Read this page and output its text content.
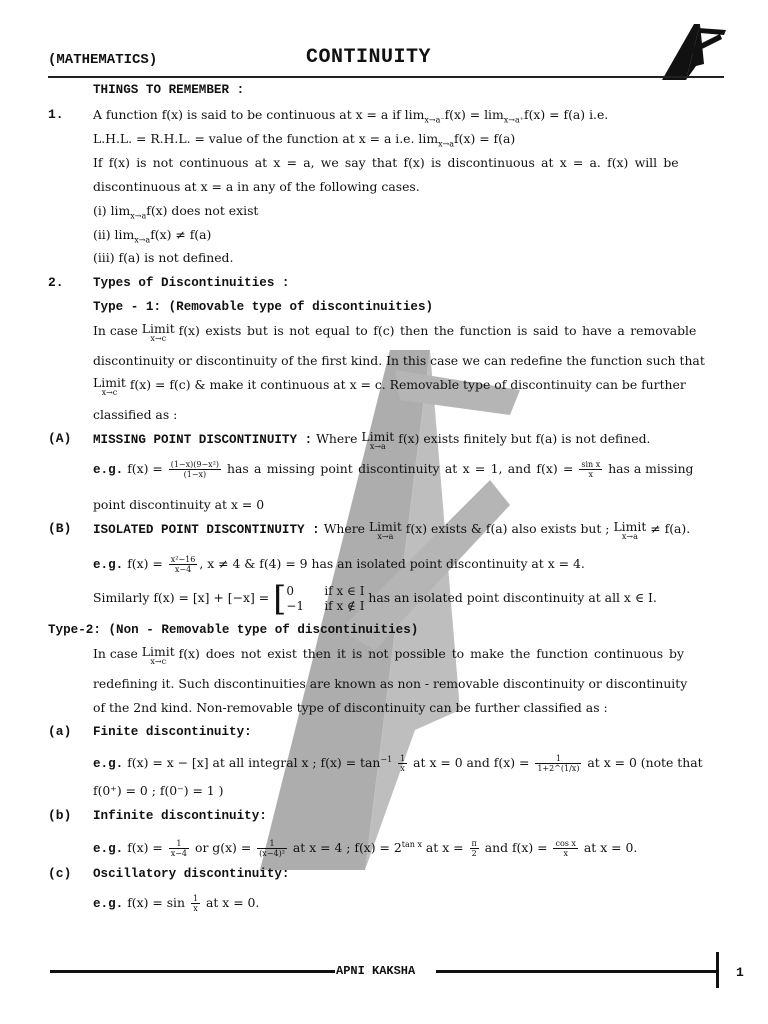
(MATHEMATICS)	CONTINUITY
THINGS TO REMEMBER :
1. A function f(x) is said to be continuous at x = a if $\lim_{x\to a^-}f(x) = \lim_{x\to a^+}f(x) = f(a)$ i.e.
L.H.L. = R.H.L. = value of the function at x = a i.e. $\lim_{x\to a}f(x) = f(a)$
If f(x) is not continuous at x = a, we say that f(x) is discontinuous at x = a. f(x) will be
discontinuous at x = a in any of the following cases.
(i) $\lim_{x\to a}f(x)$ does not exist
(ii) $\lim_{x\to a}f(x) \ne f(a)$
(iii) f(a) is not defined.
2. Types of Discontinuities :
Type - 1: (Removable type of discontinuities)
In case Limit
x→c
f(x) exists but is not equal to f(c) then the function is said to have a removable
discontinuity or discontinuity of the first kind. In this case we can redefine the function such that
Limit
x→c
f(x) = f(c) & make it continuous at x = c. Removable type of discontinuity can be further
classified as :
(A) MISSING POINT DISCONTINUITY : Where Limit
x→a
f(x) exists finitely but f(a) is not defined.
e.g. $f(x) = \frac{\text{(1−x)(9−x²)}}{(1-x)}$ has a missing point discontinuity at x = 1, and $f(x) = \frac{\text{sin x}}{x}$ has a missing
point discontinuity at x = 0
(B) ISOLATED POINT DISCONTINUITY : Where Limit
x→a
f(x) exists & f(a) also exists but ; Limit
x→a
≠ f(a).
e.g. $f(x) = \frac{\text{x²−16}}{x-4}$ , x ≠ 4 & f(4) = 9 has an isolated point discontinuity at x = 4.
Similarly f(x) = [x] + [−x] = [ 0	if x ∈ I
−1 if x ∉ I
has an isolated point discontinuity at all x ∈ I.
Type-2: (Non - Removable type of discontinuities)
In case Limit
x→c
f(x) does not exist then it is not possible to make the function continuous by
redefining it. Such discontinuities are known as non - removable discontinuity or discontinuity
of the 2nd kind. Non-removable type of discontinuity can be further classified as :
(a) Finite discontinuity:
e.g. f(x) = x − [x] at all integral x ; $f(x) = \tan^{-1} \frac{1}{x}$ at x = 0 and $f(x) = \frac{1}{1+2\^{}(1/x)}$ at x = 0 (note that
f(0⁺) = 0 ; f(0⁻) = 1 )
(b) Infinite discontinuity:
e.g. $f(x) = \frac{1}{x-4}$ or $g(x) = \frac{1}{\text{(x−4)²}}$ at x = 4 ; $f(x) = 2^{tan x}$ at $x = \frac{\pi}{2}$ and $f(x) = \frac{\text{cos x}}{x}$ at x = 0.
(c) Oscillatory discontinuity:
e.g. $f(x) = \sin \frac{1}{x}$ at x = 0.
APNI KAKSHA	1
